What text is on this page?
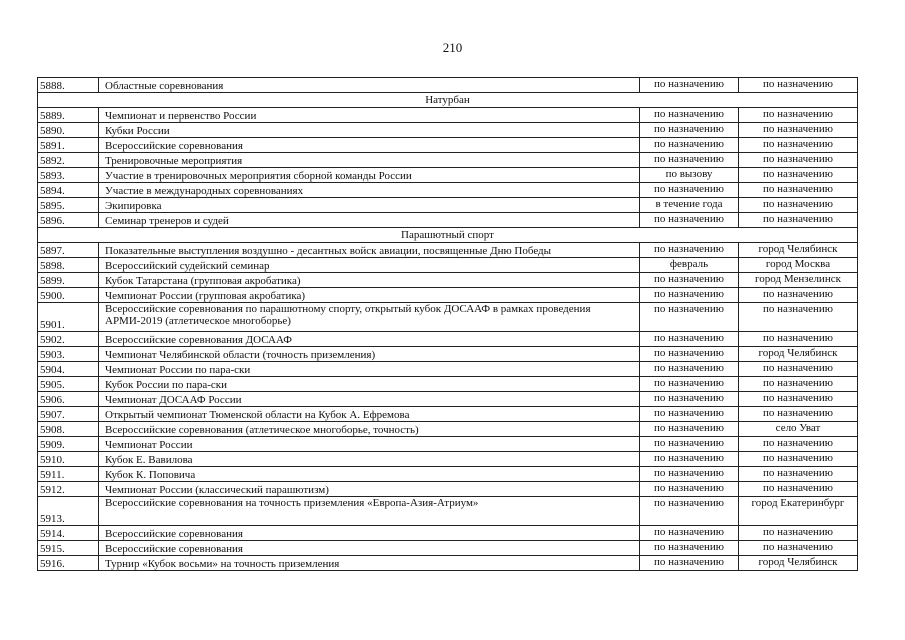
210
5888.	Областные соревнования	по назначению	по назначению
Натурбан			
5889.	Чемпионат и первенство России	по назначению	по назначению
5890.	Кубки России	по назначению	по назначению
5891.	Всероссийские соревнования	по назначению	по назначению
5892.	Тренировочные мероприятия	по назначению	по назначению
5893.	Участие в тренировочных мероприятия сборной команды России	по вызову	по назначению
5894.	Участие в международных соревнованиях	по назначению	по назначению
5895.	Экипировка	в течение года	по назначению
5896.	Семинар тренеров и судей	по назначению	по назначению
Парашютный спорт			
5897.	Показательные выступления воздушно - десантных войск авиации, посвященные Дню Победы	по назначению	город Челябинск
5898.	Всероссийский судейский семинар	февраль	город Москва
5899.	Кубок Татарстана (групповая акробатика)	по назначению	город Мензелинск
5900.	Чемпионат России (групповая акробатика)	по назначению	по назначению
5901.	Всероссийские соревнования по парашютному спорту, открытый кубок ДОСААФ в рамках проведения АРМИ-2019 (атлетическое многоборье)	по назначению	по назначению
5902.	Всероссийские соревнования ДОСААФ	по назначению	по назначению
5903.	Чемпионат Челябинской области (точность приземления)	по назначению	город Челябинск
5904.	Чемпионат России по пара-ски	по назначению	по назначению
5905.	Кубок России по пара-ски	по назначению	по назначению
5906.	Чемпионат ДОСААФ России	по назначению	по назначению
5907.	Открытый чемпионат Тюменской области на Кубок А. Ефремова	по назначению	по назначению
5908.	Всероссийские соревнования (атлетическое многоборье, точность)	по назначению	село Уват
5909.	Чемпионат России	по назначению	по назначению
5910.	Кубок Е. Вавилова	по назначению	по назначению
5911.	Кубок К. Поповича	по назначению	по назначению
5912.	Чемпионат России (классический парашютизм)	по назначению	по назначению
5913.	Всероссийские соревнования на точность приземления «Европа-Азия-Атриум»	по назначению	город Екатеринбург
5914.	Всероссийские соревнования	по назначению	по назначению
5915.	Всероссийские соревнования	по назначению	по назначению
5916.	Турнир «Кубок восьми» на точность приземления	по назначению	город Челябинск
